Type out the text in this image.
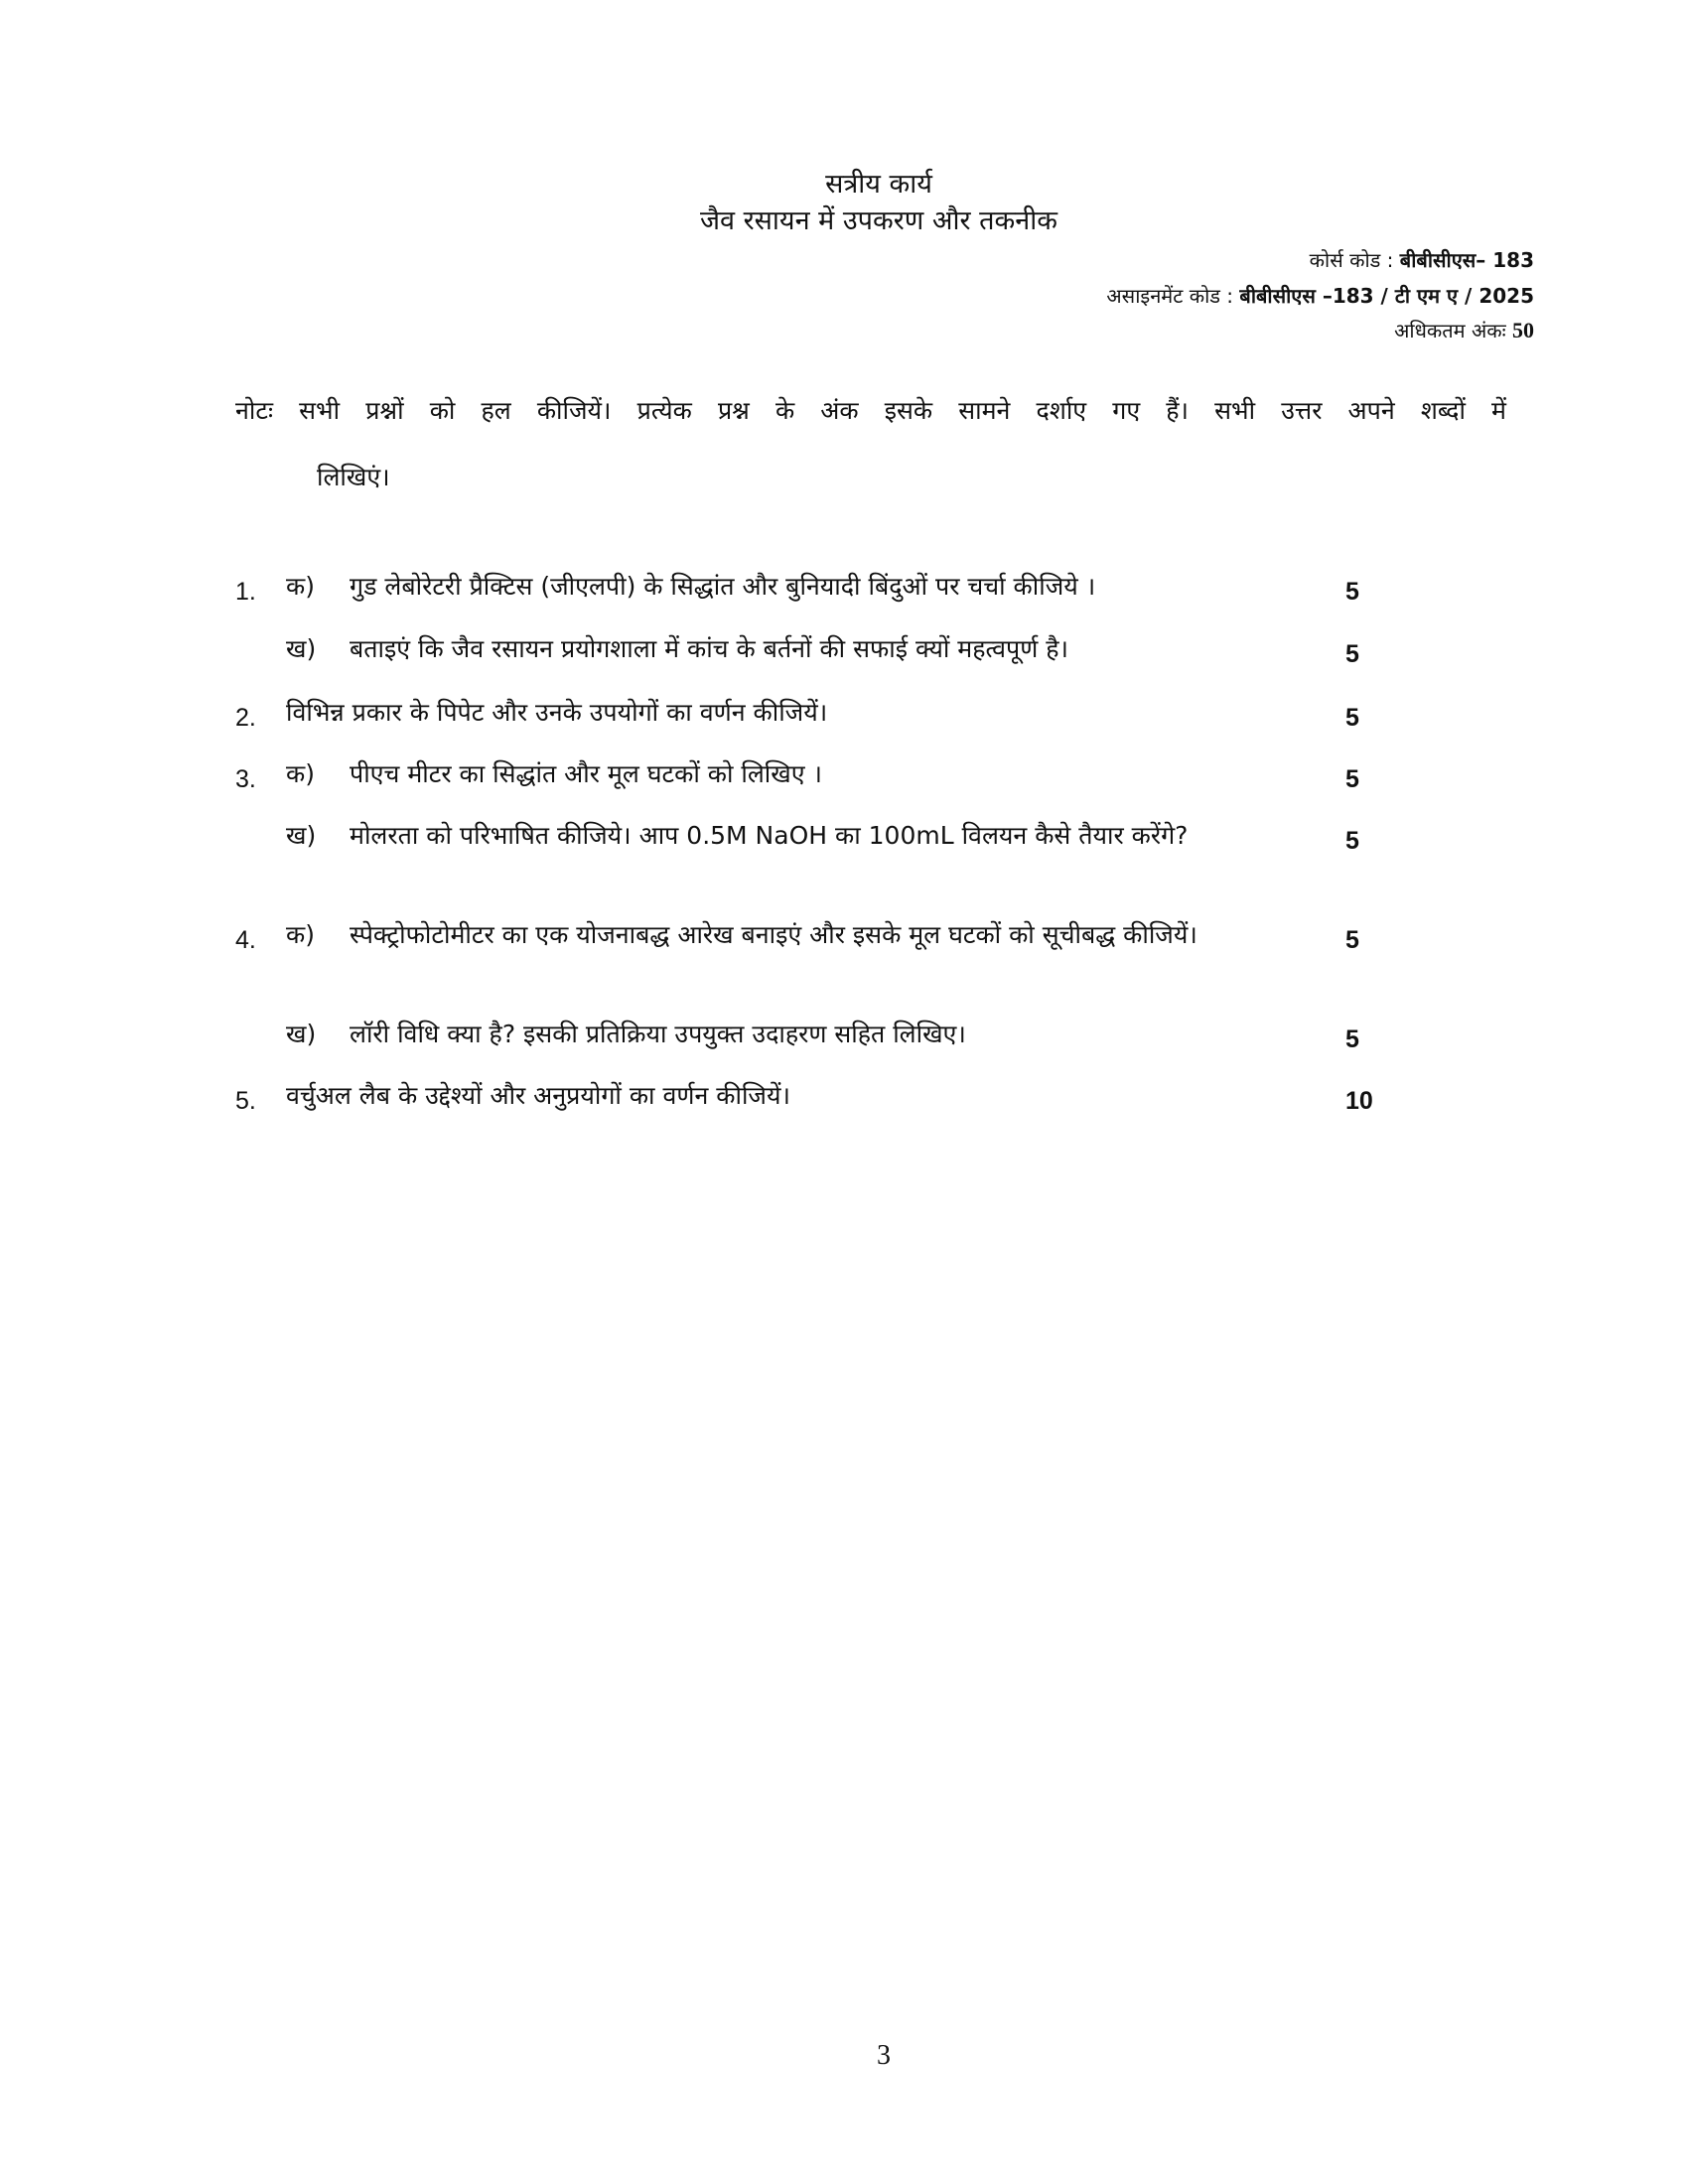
सत्रीय कार्य
जैव रसायन में उपकरण और तकनीक
कोर्स कोड : बीबीसीएस– 183
असाइनमेंट कोड : बीबीसीएस –183 / टी एम ए / 2025
अधिकतम अंकः 50
नोटः सभी प्रश्नों को हल कीजियें। प्रत्येक प्रश्न के अंक इसके सामने दर्शाए गए हैं। सभी उत्तर अपने शब्दों में
लिखिएं।
1. क) गुड लेबोरेटरी प्रैक्टिस (जीएलपी) के सिद्धांत और बुनियादी बिंदुओं पर चर्चा कीजिये ।	5
ख) बताइएं कि जैव रसायन प्रयोगशाला में कांच के बर्तनों की सफाई क्यों महत्वपूर्ण है।	5
2. विभिन्न प्रकार के पिपेट और उनके उपयोगों का वर्णन कीजियें।	5
3. क) पीएच मीटर का सिद्धांत और मूल घटकों को लिखिए ।	5
ख) मोलरता को परिभाषित कीजिये। आप 0.5M NaOH का 100mL विलयन कैसे तैयार करेंगे?	5
4. क) स्पेक्ट्रोफोटोमीटर का एक योजनाबद्ध आरेख बनाइएं और इसके मूल घटकों को सूचीबद्ध कीजियें।	5
ख) लॉरी विधि क्या है? इसकी प्रतिक्रिया उपयुक्त उदाहरण सहित लिखिए।	5
5. वर्चुअल लैब के उद्देश्यों और अनुप्रयोगों का वर्णन कीजियें।	10
3
